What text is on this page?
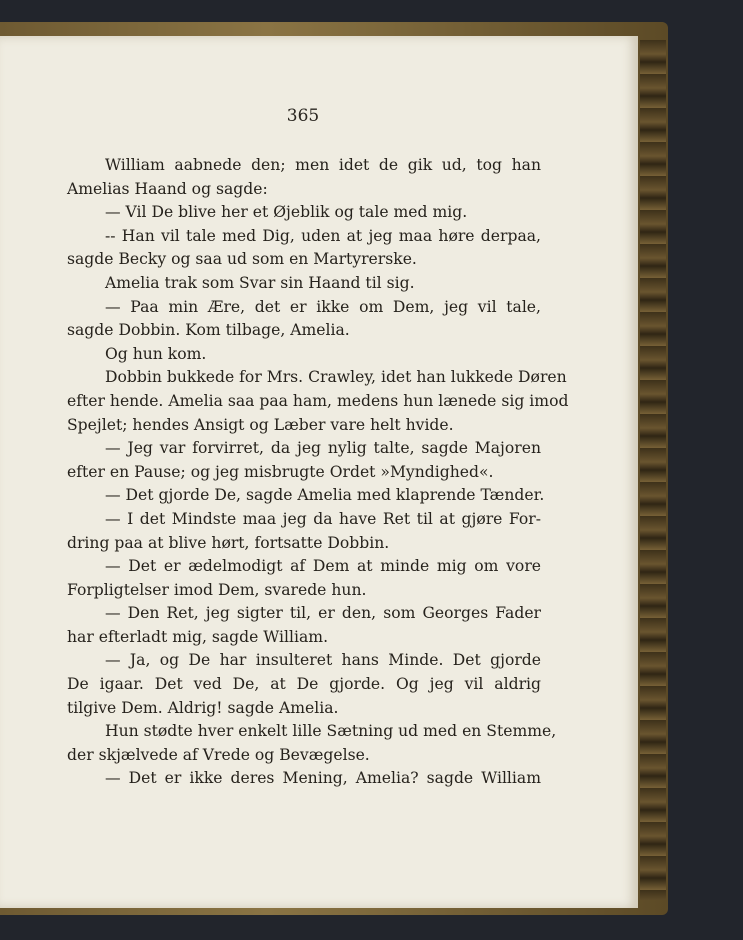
365
William aabnede den; men idet de gik ud, tog han
Amelias Haand og sagde:
— Vil De blive her et Øjeblik og tale med mig.
-- Han vil tale med Dig, uden at jeg maa høre derpaa,
sagde Becky og saa ud som en Martyrerske.
Amelia trak som Svar sin Haand til sig.
— Paa min Ære, det er ikke om Dem, jeg vil tale,
sagde Dobbin. Kom tilbage, Amelia.
Og hun kom.
Dobbin bukkede for Mrs. Crawley, idet han lukkede Døren
efter hende. Amelia saa paa ham, medens hun lænede sig imod
Spejlet; hendes Ansigt og Læber vare helt hvide.
— Jeg var forvirret, da jeg nylig talte, sagde Majoren
efter en Pause; og jeg misbrugte Ordet »Myndighed«.
— Det gjorde De, sagde Amelia med klaprende Tænder.
— I det Mindste maa jeg da have Ret til at gjøre For-
dring paa at blive hørt, fortsatte Dobbin.
— Det er ædelmodigt af Dem at minde mig om vore
Forpligtelser imod Dem, svarede hun.
— Den Ret, jeg sigter til, er den, som Georges Fader
har efterladt mig, sagde William.
— Ja, og De har insulteret hans Minde. Det gjorde
De igaar. Det ved De, at De gjorde. Og jeg vil aldrig
tilgive Dem. Aldrig! sagde Amelia.
Hun stødte hver enkelt lille Sætning ud med en Stemme,
der skjælvede af Vrede og Bevægelse.
— Det er ikke deres Mening, Amelia? sagde William
